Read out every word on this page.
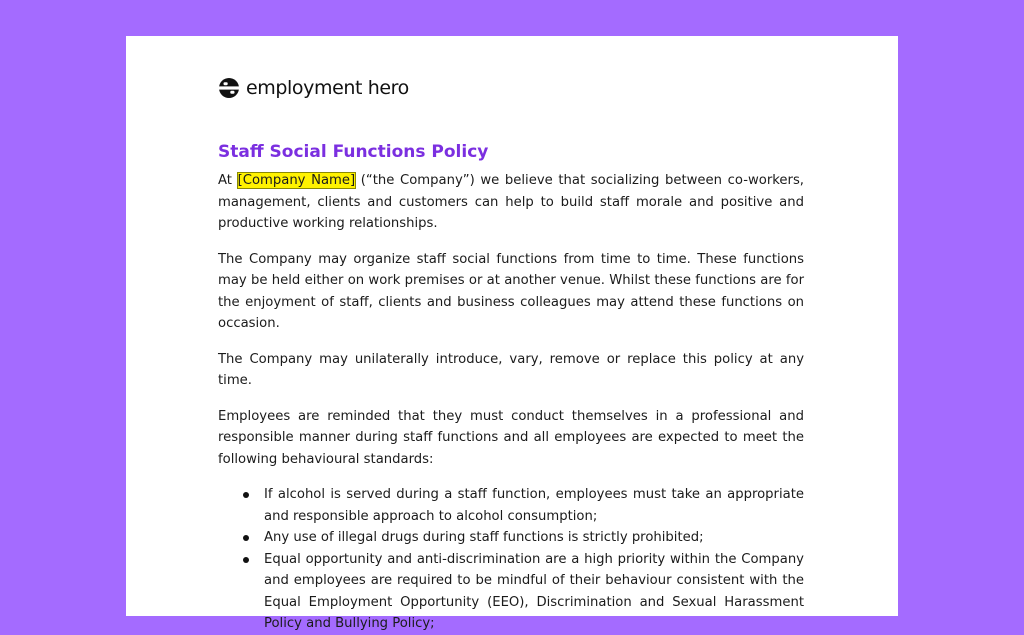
employment hero
Staff Social Functions Policy

At [Company Name] (“the Company”) we believe that socializing between co-workers, management, clients and customers can help to build staff morale and positive and productive working relationships.

The Company may organize staff social functions from time to time. These functions may be held either on work premises or at another venue. Whilst these functions are for the enjoyment of staff, clients and business colleagues may attend these functions on occasion.

The Company may unilaterally introduce, vary, remove or replace this policy at any time.

Employees are reminded that they must conduct themselves in a professional and responsible manner during staff functions and all employees are expected to meet the following behavioural standards:

If alcohol is served during a staff function, employees must take an appropriate and responsible approach to alcohol consumption;
Any use of illegal drugs during staff functions is strictly prohibited;
Equal opportunity and anti-discrimination are a high priority within the Company and employees are required to be mindful of their behaviour consistent with the Equal Employment Opportunity (EEO), Discrimination and Sexual Harassment Policy and Bullying Policy;
